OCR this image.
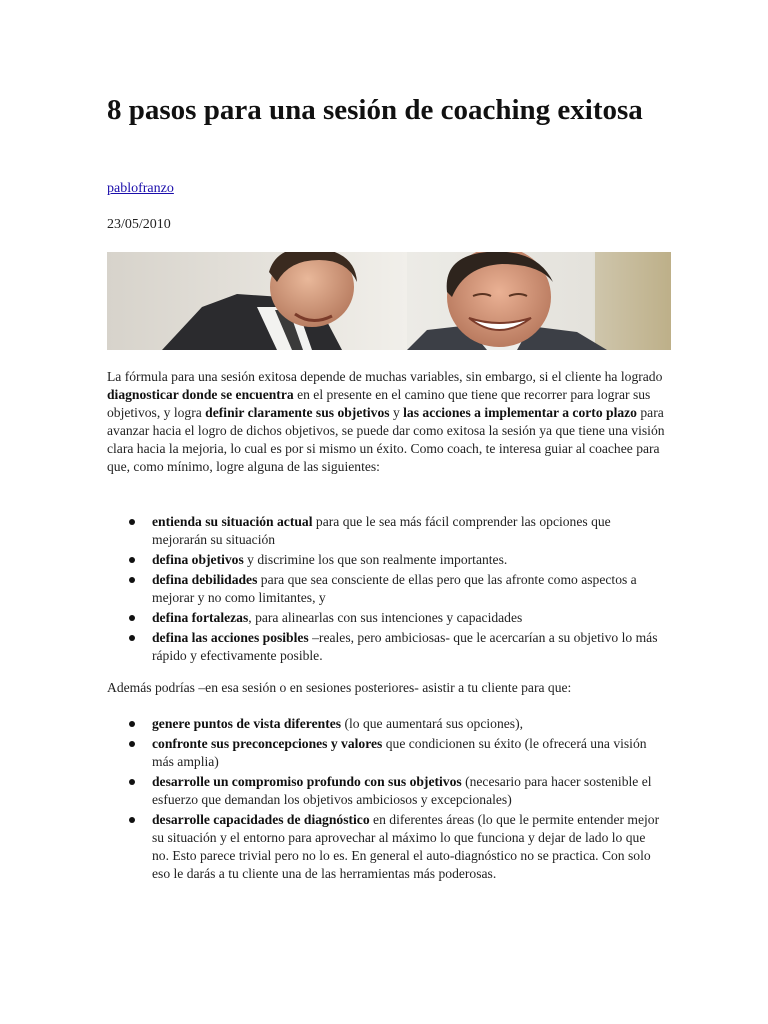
8 pasos para una sesión de coaching exitosa
pablofranzo
23/05/2010

La fórmula para una sesión exitosa depende de muchas variables, sin embargo, si el cliente ha logrado diagnosticar donde se encuentra en el presente en el camino que tiene que recorrer para lograr sus objetivos, y logra definir claramente sus objetivos y las acciones a implementar a corto plazo para avanzar hacia el logro de dichos objetivos, se puede dar como exitosa la sesión ya que tiene una visión clara hacia la mejoria, lo cual es por si mismo un éxito. Como coach, te interesa guiar al coachee para que, como mínimo, logre alguna de las siguientes:

entienda su situación actual para que le sea más fácil comprender las opciones que mejorarán su situación
defina objetivos y discrimine los que son realmente importantes.
defina debilidades para que sea consciente de ellas pero que las afronte como aspectos a mejorar y no como limitantes, y
defina fortalezas, para alinearlas con sus intenciones y capacidades
defina las acciones posibles –reales, pero ambiciosas- que le acercarían a su objetivo lo más rápido y efectivamente posible.

Además podrías –en esa sesión o en sesiones posteriores- asistir a tu cliente para que:

genere puntos de vista diferentes (lo que aumentará sus opciones),
confronte sus preconcepciones y valores que condicionen su éxito (le ofrecerá una visión más amplia)
desarrolle un compromiso profundo con sus objetivos (necesario para hacer sostenible el esfuerzo que demandan los objetivos ambiciosos y excepcionales)
desarrolle capacidades de diagnóstico en diferentes áreas (lo que le permite entender mejor su situación y el entorno para aprovechar al máximo lo que funciona y dejar de lado lo que no. Esto parece trivial pero no lo es. En general el auto-diagnóstico no se practica. Con solo eso le darás a tu cliente una de las herramientas más poderosas.
